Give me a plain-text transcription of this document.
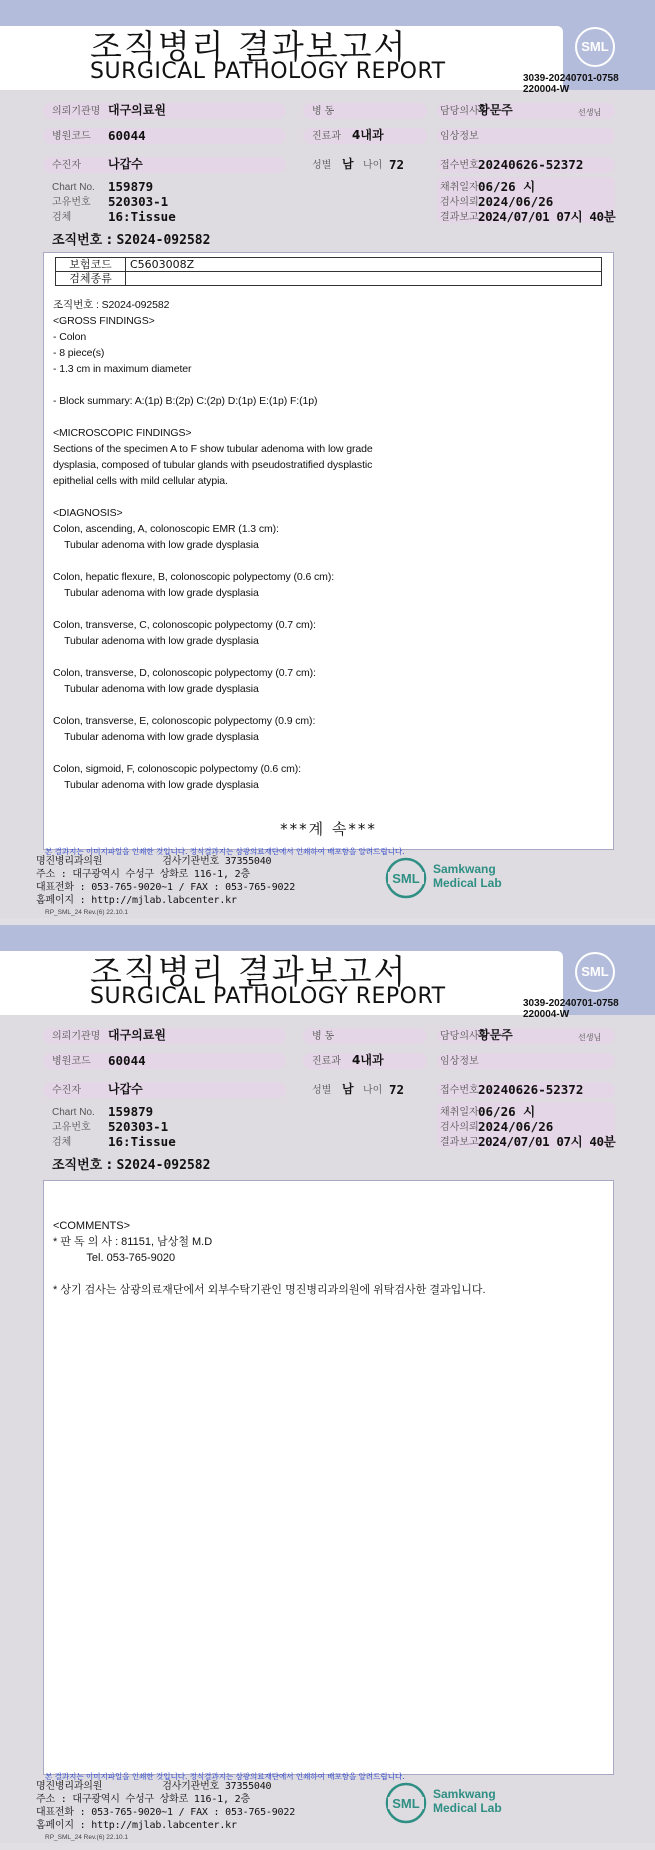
조직병리 결과보고서
SURGICAL PATHOLOGY REPORT
SML
3039-20240701-0758
220004-W
의뢰기관명 대구의료원
병원코드 60044
수진자 나갑수
병 동
진료과 4내과
성별 남 나이 72
담당의사 황문주	선생님
임상정보
접수번호 20240626-52372
Chart No. 159879
고유번호 520303-1
검체	16:Tissue
채취일자 06/26 시
검사의뢰 2024/06/26
결과보고 2024/07/01 07시 40분
조직번호 : S2024-092582
보험코드	C5603008Z
검체종류	
조직번호 : S2024-092582
<GROSS FINDINGS>
- Colon
- 8 piece(s)
- 1.3 cm in maximum diameter

- Block summary: A:(1p) B:(2p) C:(2p) D:(1p) E:(1p) F:(1p)

<MICROSCOPIC FINDINGS>
Sections of the specimen A to F show tubular adenoma with low grade
dysplasia, composed of tubular glands with pseudostratified dysplastic
epithelial cells with mild cellular atypia.

<DIAGNOSIS>
Colon, ascending, A, colonoscopic EMR (1.3 cm):
Tubular adenoma with low grade dysplasia

Colon, hepatic flexure, B, colonoscopic polypectomy (0.6 cm):
Tubular adenoma with low grade dysplasia

Colon, transverse, C, colonoscopic polypectomy (0.7 cm):
Tubular adenoma with low grade dysplasia

Colon, transverse, D, colonoscopic polypectomy (0.7 cm):
Tubular adenoma with low grade dysplasia

Colon, transverse, E, colonoscopic polypectomy (0.9 cm):
Tubular adenoma with low grade dysplasia

Colon, sigmoid, F, colonoscopic polypectomy (0.6 cm):
Tubular adenoma with low grade dysplasia
***계 속***
본 결과지는 이미지파일을 인쇄한 것입니다. 정식결과지는 삼광의료재단에서 인쇄하여 배포함을 알려드립니다.
명진병리과의원	검사기관번호 37355040
주소 : 대구광역시 수성구 상화로 116-1, 2층
대표전화 : 053-765-9020~1 / FAX : 053-765-9022
홈페이지 : http://mjlab.labcenter.kr
RP_SML_24 Rev.(6) 22.10.1
SML
Samkwang
Medical Lab
조직병리 결과보고서
SURGICAL PATHOLOGY REPORT
SML
3039-20240701-0758
220004-W
의뢰기관명 대구의료원
병원코드 60044
수진자 나갑수
병 동
진료과 4내과
성별 남 나이 72
담당의사 황문주	선생님
임상정보
접수번호 20240626-52372
Chart No. 159879
고유번호 520303-1
검체	16:Tissue
채취일자 06/26 시
검사의뢰 2024/06/26
결과보고 2024/07/01 07시 40분
조직번호 : S2024-092582
<COMMENTS>
* 판 독 의 사 : 81151, 남상철 M.D
Tel. 053-765-9020

* 상기 검사는 삼광의료재단에서 외부수탁기관인 명진병리과의원에 위탁검사한 결과입니다.
본 결과지는 이미지파일을 인쇄한 것입니다. 정식결과지는 삼광의료재단에서 인쇄하여 배포함을 알려드립니다.
명진병리과의원	검사기관번호 37355040
주소 : 대구광역시 수성구 상화로 116-1, 2층
대표전화 : 053-765-9020~1 / FAX : 053-765-9022
홈페이지 : http://mjlab.labcenter.kr
RP_SML_24 Rev.(6) 22.10.1
SML
Samkwang
Medical Lab
